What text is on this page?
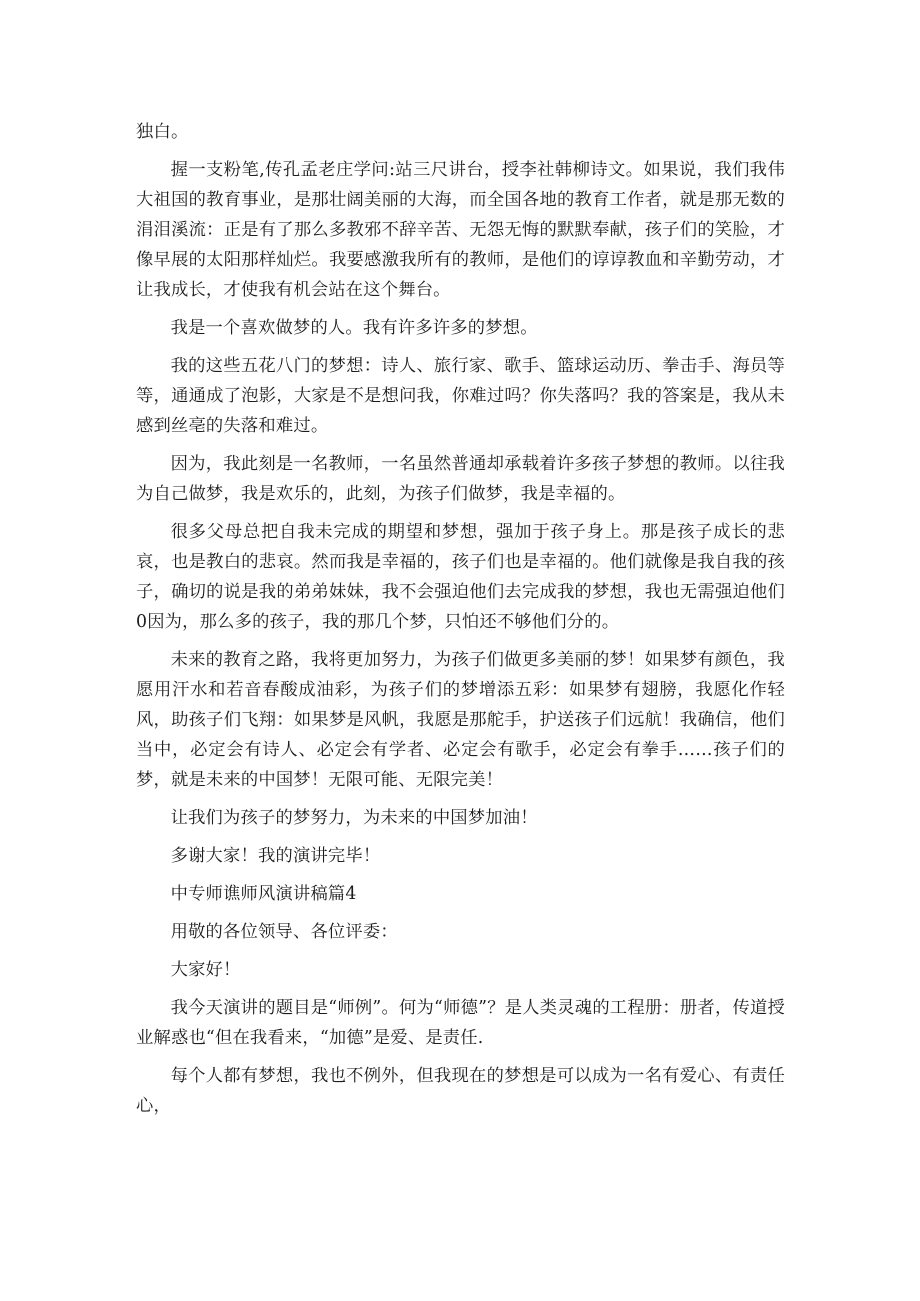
独白。

握一支粉笔,传孔孟老庄学问:站三尺讲台，授李社韩柳诗文。如果说，我们我伟大祖国的教育事业，是那壮阔美丽的大海，而全国各地的教育工作者，就是那无数的涓泪溪流：正是有了那么多教邪不辞辛苦、无怨无悔的默默奉献，孩子们的笑脸，才像早展的太阳那样灿烂。我要感激我所有的教师，是他们的谆谆教血和辛勤劳动，才让我成长，才使我有机会站在这个舞台。

我是一个喜欢做梦的人。我有许多许多的梦想。

我的这些五花八门的梦想：诗人、旅行家、歌手、篮球运动历、拳击手、海员等等，通通成了泡影，大家是不是想问我，你难过吗？你失落吗？我的答案是，我从未感到丝亳的失落和难过。

因为，我此刻是一名教师，一名虽然普通却承载着许多孩子梦想的教师。以往我为自己做梦，我是欢乐的，此刻，为孩子们做梦，我是幸福的。

很多父母总把自我未完成的期望和梦想，强加于孩子身上。那是孩子成长的悲哀，也是教白的悲哀。然而我是幸福的，孩子们也是幸福的。他们就像是我自我的孩子，确切的说是我的弟弟妹妹，我不会强迫他们去完成我的梦想，我也无需强迫他们0因为，那么多的孩子，我的那几个梦，只怕还不够他们分的。

未来的教育之路，我将更加努力，为孩子们做更多美丽的梦！如果梦有颜色，我愿用汗水和若音春酸成油彩，为孩子们的梦增添五彩：如果梦有翅膀，我愿化作轻风，助孩子们飞翔：如果梦是风帆，我愿是那舵手，护送孩子们远航！我确信，他们当中，必定会有诗人、必定会有学者、必定会有歌手，必定会有拳手……孩子们的梦，就是未来的中国梦！无限可能、无限完美！

让我们为孩子的梦努力，为未来的中国梦加油！

多谢大家！我的演讲完毕！

中专师谯师风演讲稿篇4

用敬的各位领导、各位评委：

大家好！

我今天演讲的题目是“师例”。何为“师德”？是人类灵魂的工程册：册者，传道授业解惑也“但在我看来，“加德”是爱、是责任.

每个人都有梦想，我也不例外，但我现在的梦想是可以成为一名有爱心、有责任心，
